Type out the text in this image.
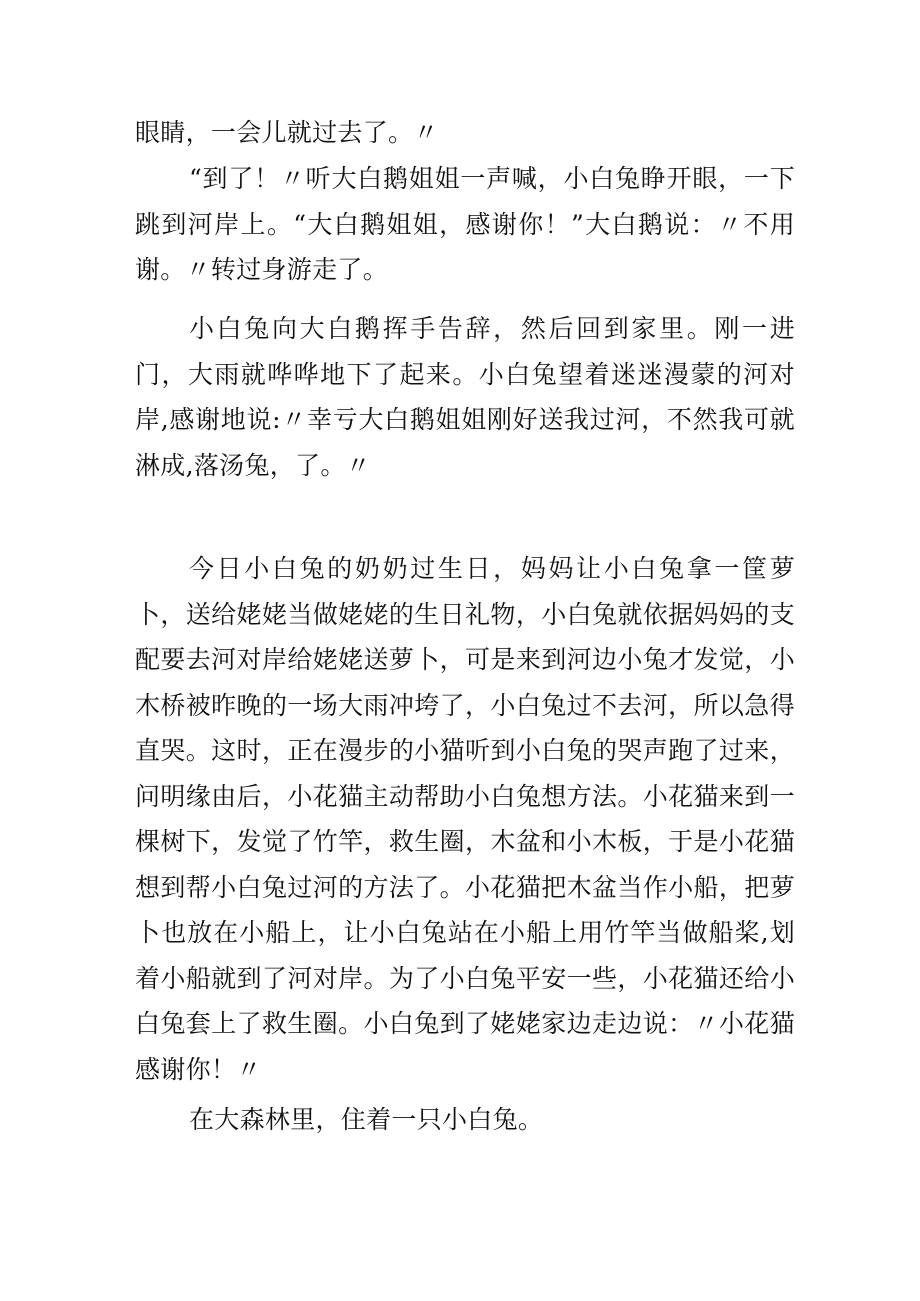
眼睛，一会儿就过去了。〃

“到了！〃听大白鹅姐姐一声喊，小白兔睁开眼，一下跳到河岸上。“大白鹅姐姐，感谢你！”大白鹅说：〃不用谢。〃转过身游走了。

小白兔向大白鹅挥手告辞，然后回到家里。刚一进门，大雨就哗哗地下了起来。小白兔望着迷迷漫蒙的河对岸,感谢地说:〃幸亏大白鹅姐姐刚好送我过河，不然我可就淋成,落汤兔，了。〃

今日小白兔的奶奶过生日，妈妈让小白兔拿一筐萝卜，送给姥姥当做姥姥的生日礼物，小白兔就依据妈妈的支配要去河对岸给姥姥送萝卜，可是来到河边小兔才发觉，小木桥被昨晚的一场大雨冲垮了，小白兔过不去河，所以急得直哭。这时，正在漫步的小猫听到小白兔的哭声跑了过来，问明缘由后，小花猫主动帮助小白兔想方法。小花猫来到一棵树下，发觉了竹竿，救生圈，木盆和小木板，于是小花猫想到帮小白兔过河的方法了。小花猫把木盆当作小船，把萝卜也放在小船上，让小白兔站在小船上用竹竿当做船桨,划着小船就到了河对岸。为了小白兔平安一些，小花猫还给小白兔套上了救生圈。小白兔到了姥姥家边走边说：〃小花猫感谢你！〃

在大森林里，住着一只小白兔。
